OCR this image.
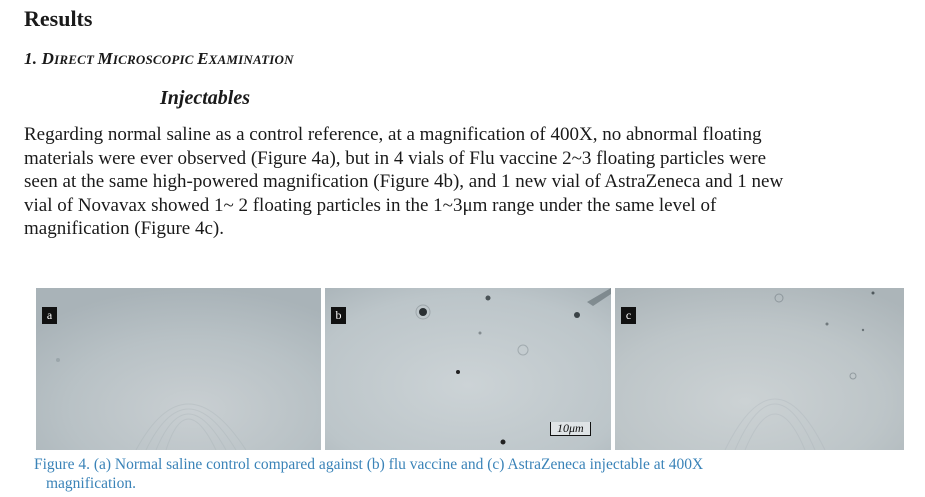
Results
1. DIRECT MICROSCOPIC EXAMINATION
Injectables

Regarding normal saline as a control reference, at a magnification of 400X, no abnormal floating
materials were ever observed (Figure 4a), but in 4 vials of Flu vaccine 2~3 floating particles were
seen at the same high-powered magnification (Figure 4b), and 1 new vial of AstraZeneca and 1 new
vial of Novavax showed 1~ 2 floating particles in the 1~3μm range under the same level of
magnification (Figure 4c).

a	b
10μm
c

Figure 4. (a) Normal saline control compared against (b) flu vaccine and (c) AstraZeneca injectable at 400X
magnification.
